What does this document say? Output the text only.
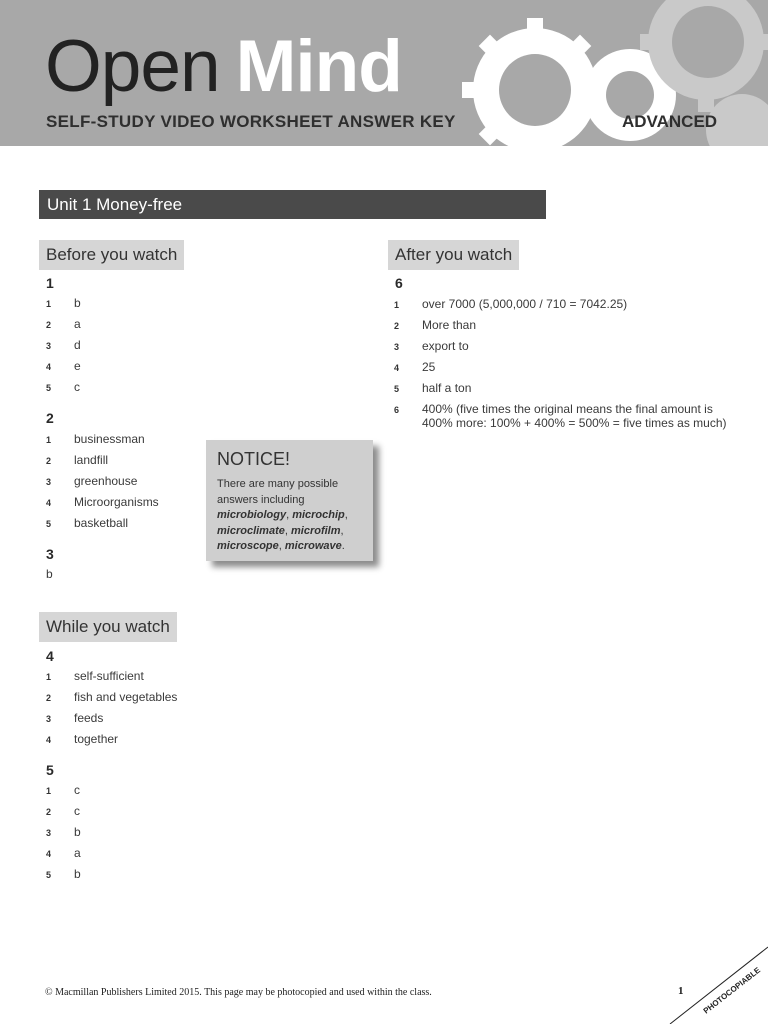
Open Mind
SELF-STUDY VIDEO WORKSHEET ANSWER KEY	ADVANCED
Unit 1 Money-free
Before you watch
1
1 b
2 a
3 d
4 e
5 c
2
1 businessman
2 landfill
3 greenhouse
4 Microorganisms
5 basketball
3
b
NOTICE!
There are many possible answers including
microbiology, microchip, microclimate, microfilm, microscope, microwave.
While you watch
4
1 self-sufficient
2 fish and vegetables
3 feeds
4 together
5
1 c
2 c
3 b
4 a
5 b
After you watch
6
1 over 7000 (5,000,000 / 710 = 7042.25)
2 More than
3 export to
4 25
5 half a ton
6 400% (five times the original means the final amount is 400% more: 100% + 400% = 500% = five times as much)
© Macmillan Publishers Limited 2015. This page may be photocopied and used within the class.	1 PHOTOCOPIABLE
